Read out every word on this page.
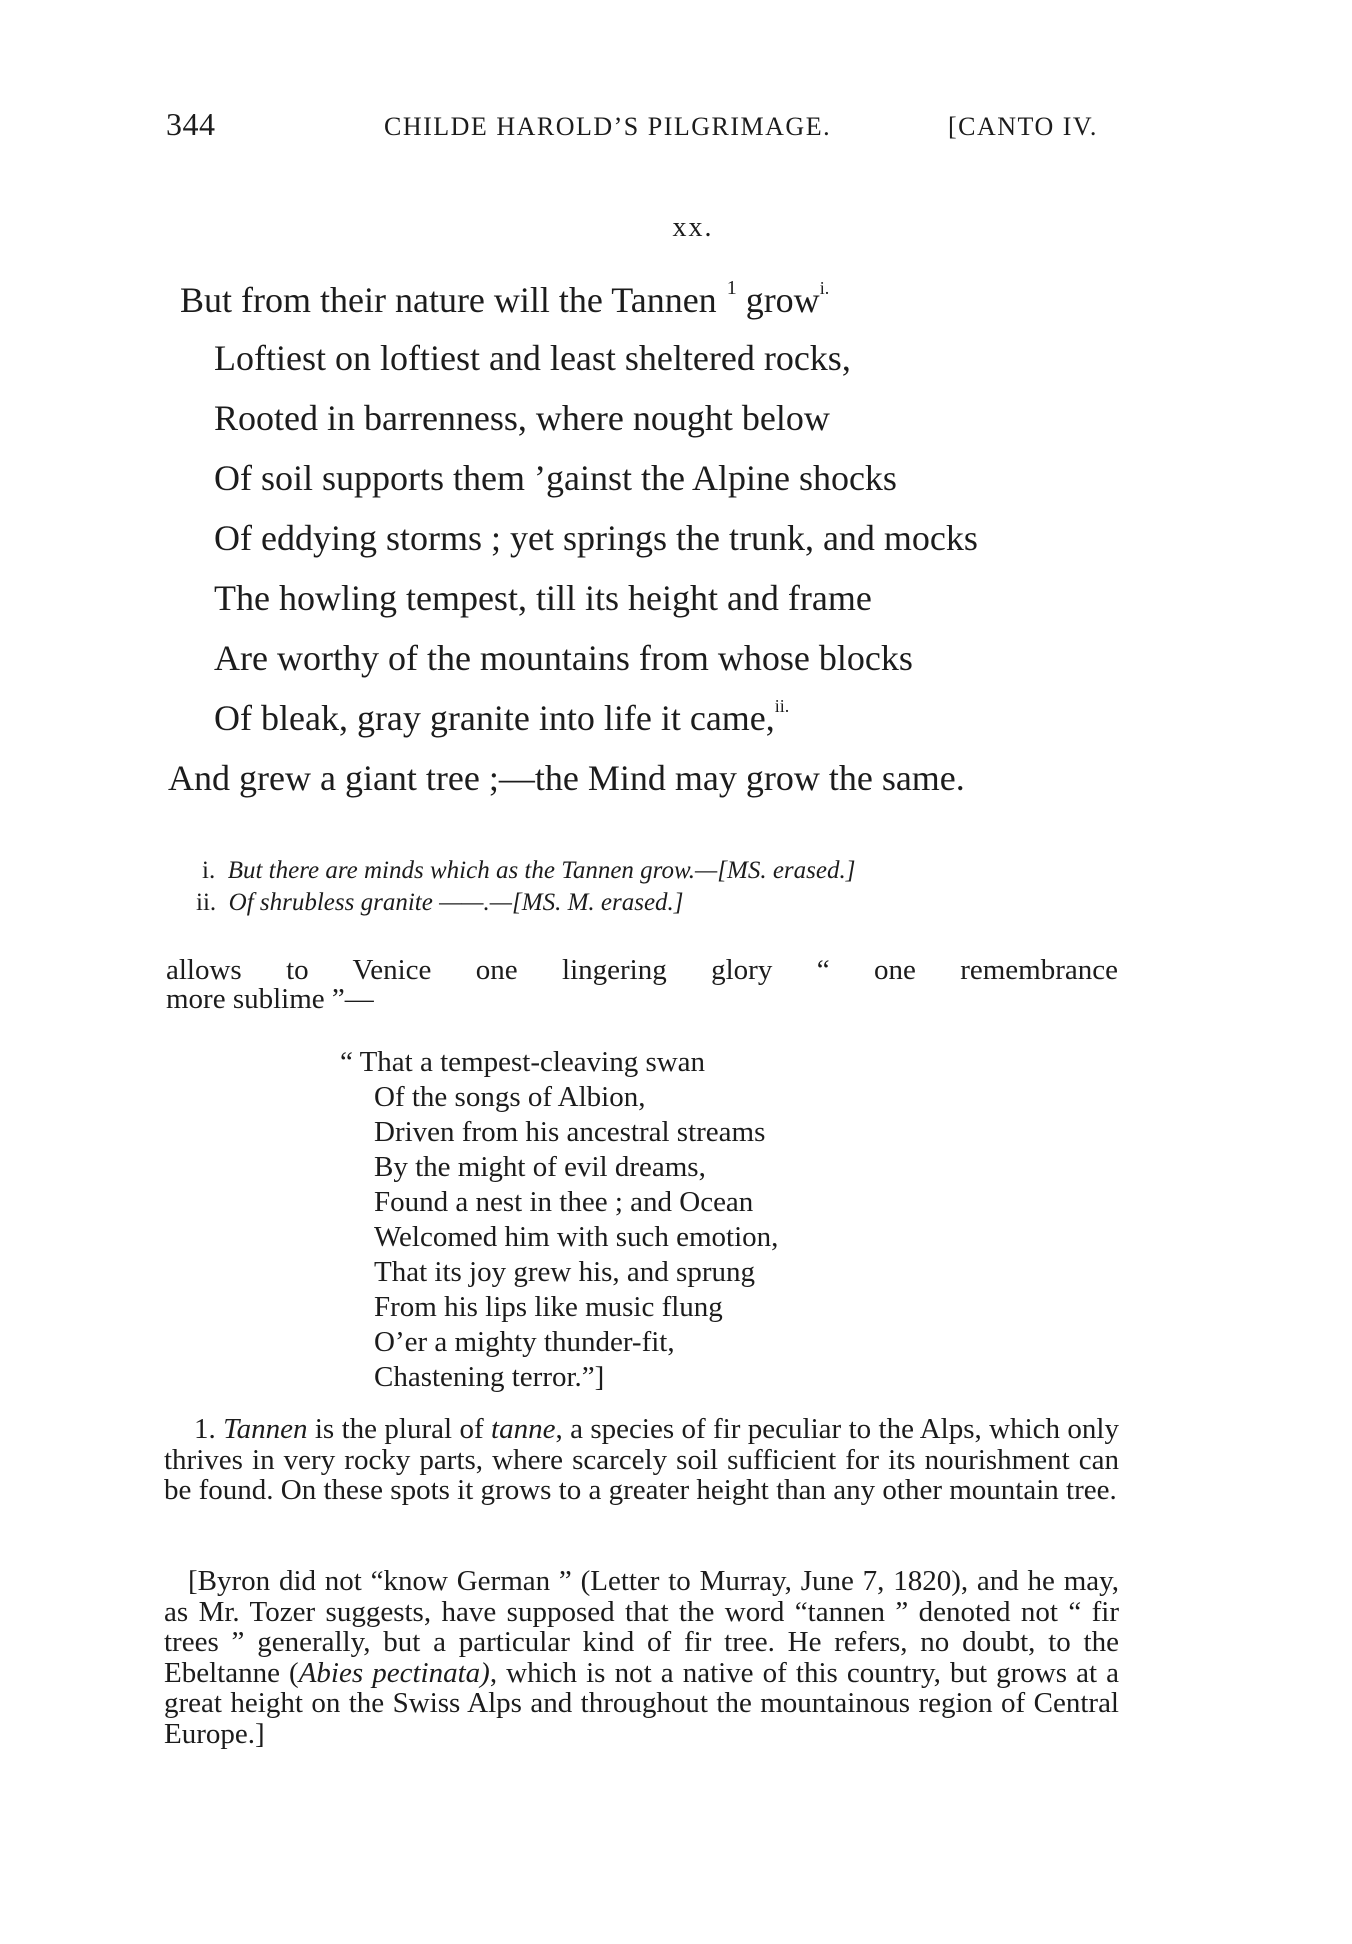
344	CHILDE HAROLD’S PILGRIMAGE.	[CANTO IV.
xx.
But from their nature will the Tannen $^1$ grow$^{i.}$
Loftiest on loftiest and least sheltered rocks,
Rooted in barrenness, where nought below
Of soil supports them ’gainst the Alpine shocks
Of eddying storms ; yet springs the trunk, and mocks
The howling tempest, till its height and frame
Are worthy of the mountains from whose blocks
Of bleak, gray granite into life it came,$^{ii.}$
And grew a giant tree ;—the Mind may grow the same.
i. But there are minds which as the Tannen grow.—[MS. erased.]
ii. Of shrubless granite ——.—[MS. M. erased.]
allows to Venice one lingering glory “ one remembrance
more sublime ”—
“ That a tempest-cleaving swan
Of the songs of Albion,
Driven from his ancestral streams
By the might of evil dreams,
Found a nest in thee ; and Ocean
Welcomed him with such emotion,
That its joy grew his, and sprung
From his lips like music flung
O’er a mighty thunder-fit,
Chastening terror.”]
1. Tannen is the plural of tanne, a species of fir peculiar to the Alps, which only thrives in very rocky parts, where scarcely soil sufficient for its nourishment can be found. On these spots it grows to a greater height than any other mountain tree.
[Byron did not “know German ” (Letter to Murray, June 7, 1820), and he may, as Mr. Tozer suggests, have supposed that the word “tannen ” denoted not “ fir trees ” generally, but a particular kind of fir tree. He refers, no doubt, to the Ebeltanne (Abies pectinata), which is not a native of this country, but grows at a great height on the Swiss Alps and throughout the mountainous region of Central Europe.]
